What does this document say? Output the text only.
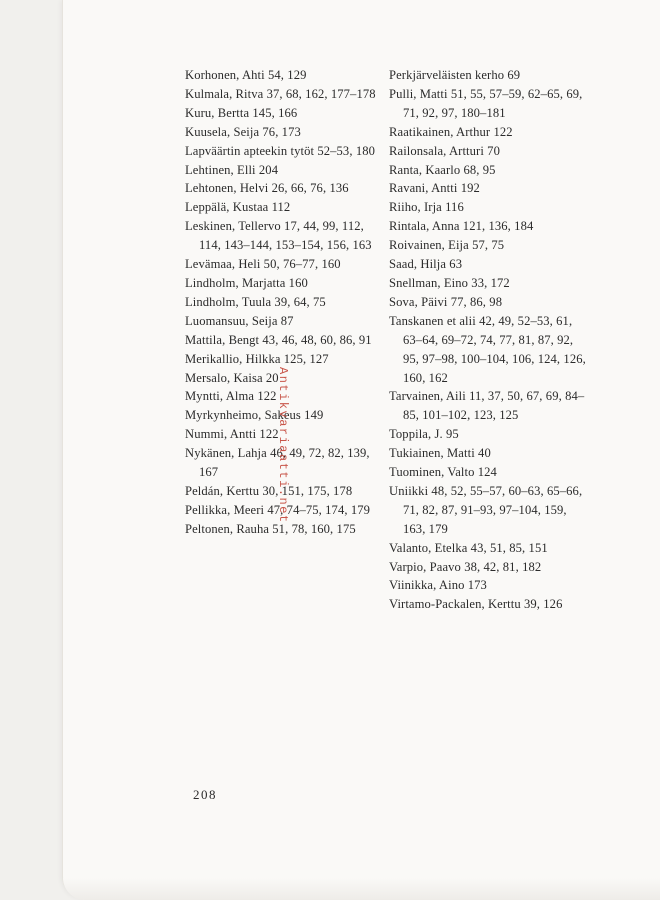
Korhonen, Ahti 54, 129

Kulmala, Ritva 37, 68, 162, 177–178

Kuru, Bertta 145, 166

Kuusela, Seija 76, 173

Lapväärtin apteekin tytöt 52–53, 180

Lehtinen, Elli 204

Lehtonen, Helvi 26, 66, 76, 136

Leppälä, Kustaa 112

Leskinen, Tellervo 17, 44, 99, 112, 114, 143–144, 153–154, 156, 163

Levämaa, Heli 50, 76–77, 160

Lindholm, Marjatta 160

Lindholm, Tuula 39, 64, 75

Luomansuu, Seija 87

Mattila, Bengt 43, 46, 48, 60, 86, 91

Merikallio, Hilkka 125, 127

Mersalo, Kaisa 20

Myntti, Alma 122

Myrkynheimo, Sakeus 149

Nummi, Antti 122

Nykänen, Lahja 46, 49, 72, 82, 139, 167

Peldán, Kerttu 30, 151, 175, 178

Pellikka, Meeri 47, 74–75, 174, 179

Peltonen, Rauha 51, 78, 160, 175

Perkjärveläisten kerho 69

Pulli, Matti 51, 55, 57–59, 62–65, 69, 71, 92, 97, 180–181

Raatikainen, Arthur 122

Railonsala, Artturi 70

Ranta, Kaarlo 68, 95

Ravani, Antti 192

Riiho, Irja 116

Rintala, Anna 121, 136, 184

Roivainen, Eija 57, 75

Saad, Hilja 63

Snellman, Eino 33, 172

Sova, Päivi 77, 86, 98

Tanskanen et alii 42, 49, 52–53, 61, 63–64, 69–72, 74, 77, 81, 87, 92, 95, 97–98, 100–104, 106, 124, 126, 160, 162

Tarvainen, Aili 11, 37, 50, 67, 69, 84–85, 101–102, 123, 125

Toppila, J. 95

Tukiainen, Matti 40

Tuominen, Valto 124

Uniikki 48, 52, 55–57, 60–63, 65–66, 71, 82, 87, 91–93, 97–104, 159, 163, 179

Valanto, Etelka 43, 51, 85, 151

Varpio, Paavo 38, 42, 81, 182

Viinikka, Aino 173

Virtamo-Packalen, Kerttu 39, 126

208
Antikvariaatti.net
